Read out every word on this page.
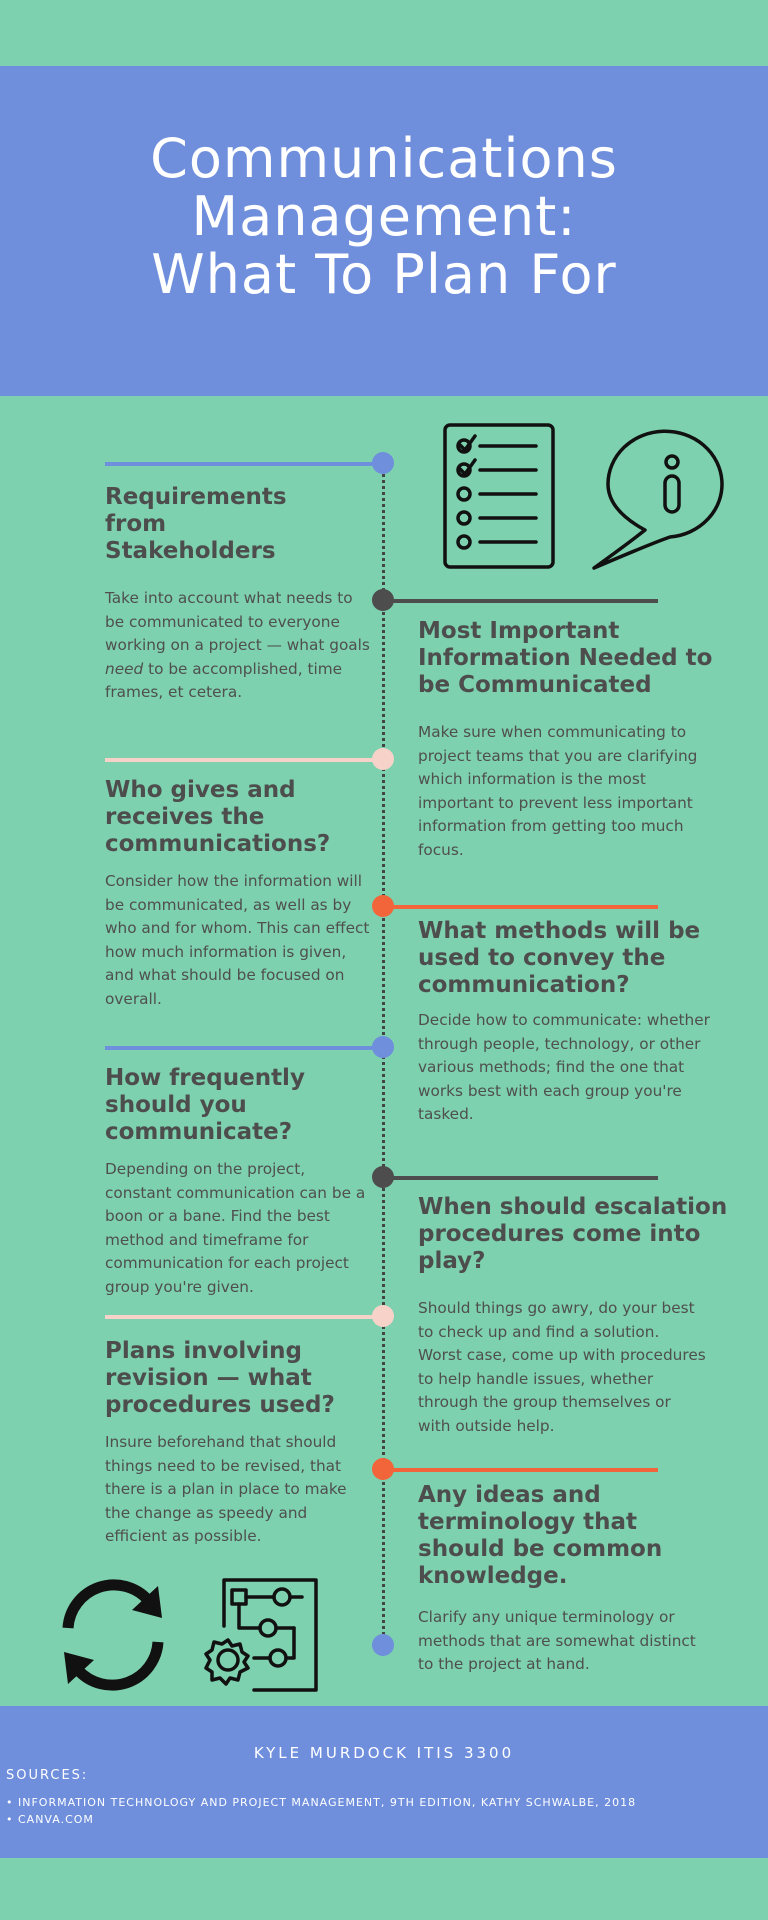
Communications
Management:
What To Plan For

Requirements from Stakeholders

Take into account what needs to be communicated to everyone working on a project — what goals need to be accomplished, time frames, et cetera.

Most Important Information Needed to be Communicated

Make sure when communicating to project teams that you are clarifying which information is the most important to prevent less important information from getting too much focus.

Who gives and receives the communications?

Consider how the information will be communicated, as well as by who and for whom. This can effect how much information is given, and what should be focused on overall.

What methods will be used to convey the communication?

Decide how to communicate: whether through people, technology, or other various methods; find the one that works best with each group you're tasked.

How frequently should you communicate?

Depending on the project, constant communication can be a boon or a bane. Find the best method and timeframe for communication for each project group you're given.

When should escalation procedures come into play?

Should things go awry, do your best to check up and find a solution. Worst case, come up with procedures to help handle issues, whether through the group themselves or with outside help.

Plans involving revision — what procedures used?

Insure beforehand that should things need to be revised, that there is a plan in place to make the change as speedy and efficient as possible.

Any ideas and terminology that should be common knowledge.

Clarify any unique terminology or methods that are somewhat distinct to the project at hand.

KYLE MURDOCK ITIS 3300
SOURCES:
• INFORMATION TECHNOLOGY AND PROJECT MANAGEMENT, 9TH EDITION, KATHY SCHWALBE, 2018
• CANVA.COM
